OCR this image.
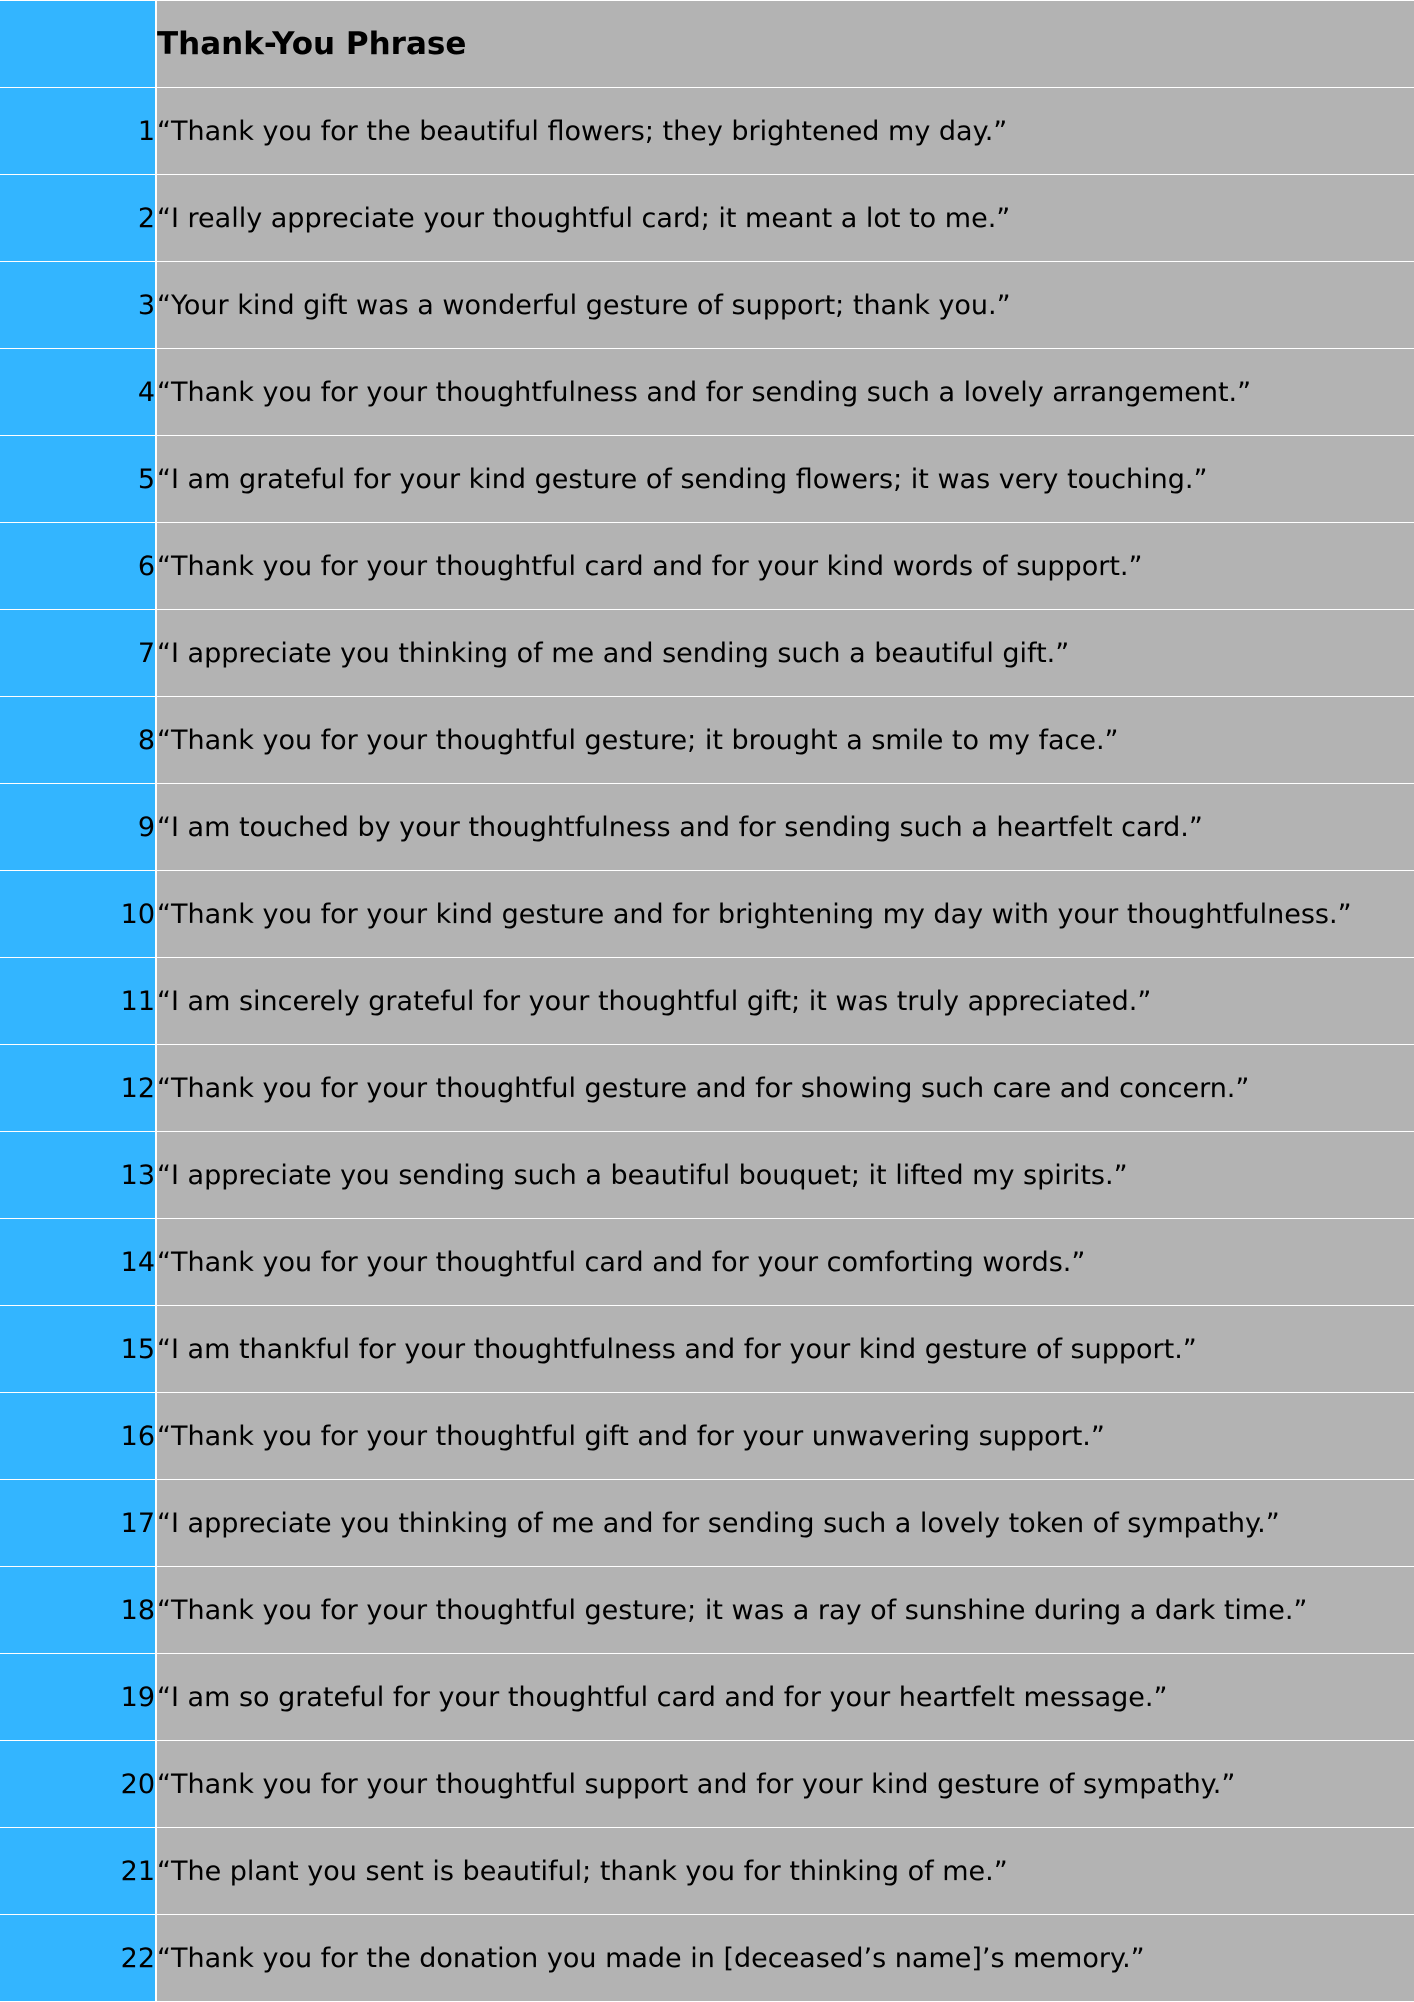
	Thank-You Phrase
1	“Thank you for the beautiful flowers; they brightened my day.”
2	“I really appreciate your thoughtful card; it meant a lot to me.”
3	“Your kind gift was a wonderful gesture of support; thank you.”
4	“Thank you for your thoughtfulness and for sending such a lovely arrangement.”
5	“I am grateful for your kind gesture of sending flowers; it was very touching.”
6	“Thank you for your thoughtful card and for your kind words of support.”
7	“I appreciate you thinking of me and sending such a beautiful gift.”
8	“Thank you for your thoughtful gesture; it brought a smile to my face.”
9	“I am touched by your thoughtfulness and for sending such a heartfelt card.”
10	“Thank you for your kind gesture and for brightening my day with your thoughtfulness.”
11	“I am sincerely grateful for your thoughtful gift; it was truly appreciated.”
12	“Thank you for your thoughtful gesture and for showing such care and concern.”
13	“I appreciate you sending such a beautiful bouquet; it lifted my spirits.”
14	“Thank you for your thoughtful card and for your comforting words.”
15	“I am thankful for your thoughtfulness and for your kind gesture of support.”
16	“Thank you for your thoughtful gift and for your unwavering support.”
17	“I appreciate you thinking of me and for sending such a lovely token of sympathy.”
18	“Thank you for your thoughtful gesture; it was a ray of sunshine during a dark time.”
19	“I am so grateful for your thoughtful card and for your heartfelt message.”
20	“Thank you for your thoughtful support and for your kind gesture of sympathy.”
21	“The plant you sent is beautiful; thank you for thinking of me.”
22	“Thank you for the donation you made in [deceased’s name]’s memory.”
